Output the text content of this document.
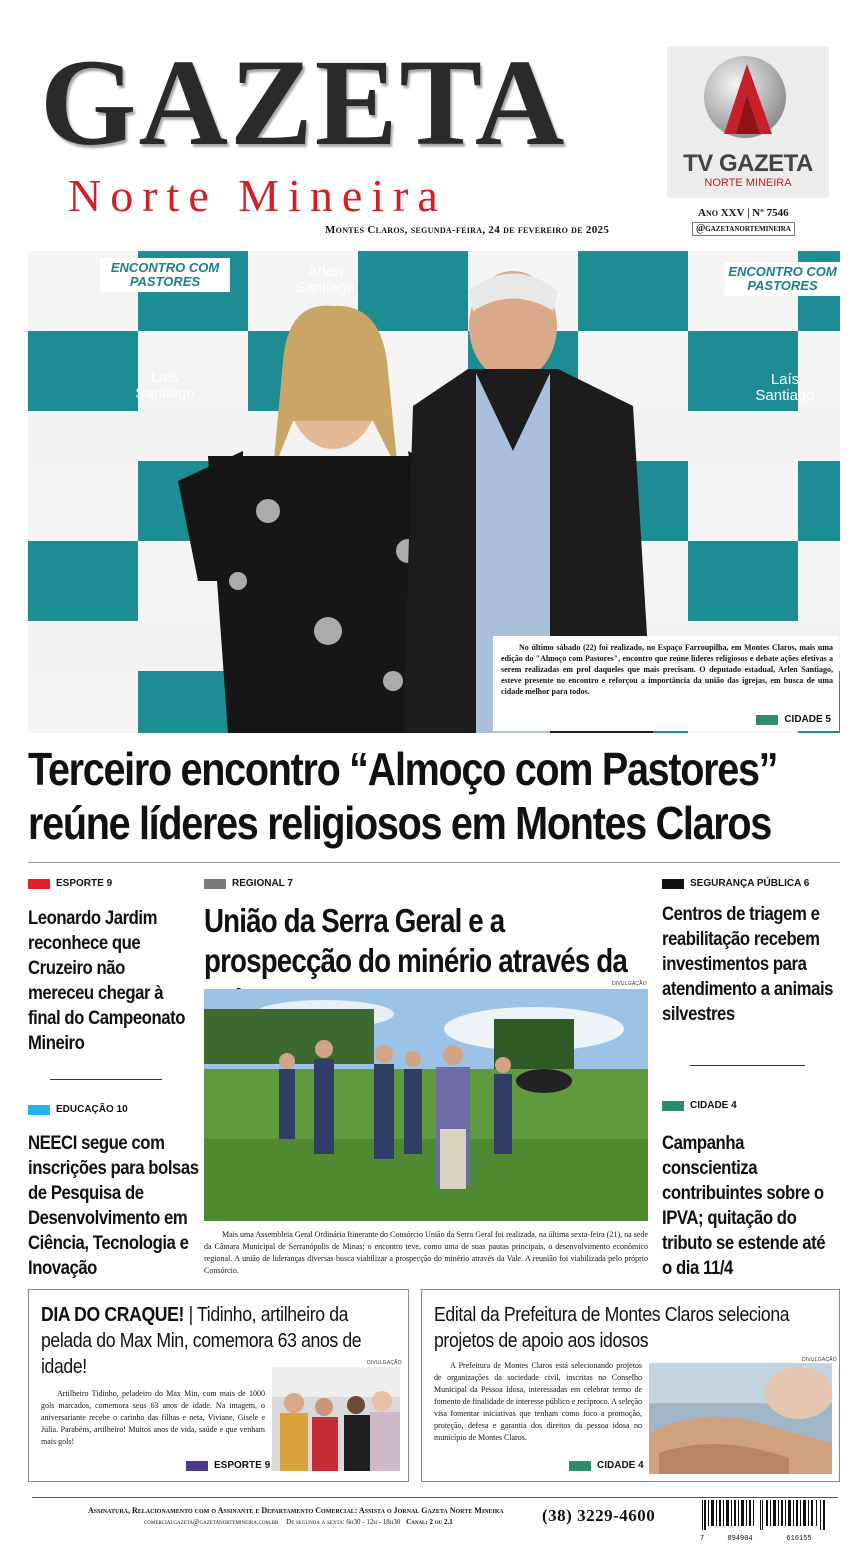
GAZETA
Norte Mineira
Montes Claros, segunda-feira, 24 de fevereiro de 2025
TV GAZETA
NORTE MINEIRA
Ano XXV | Nº 7546
@gazetanortemineira
ENCONTRO COM PASTORES
ENCONTRO COM PASTORES
Arlen Santiago
Laís Santiago
Laís Santiago

No último sábado (22) foi realizado, no Espaço Farroupilha, em Montes Claros, mais uma edição do "Almoço com Pastores", encontro que reúne líderes religiosos e debate ações efetivas a serem realizadas em prol daqueles que mais precisam. O deputado estadual, Arlen Santiago, esteve presente no encontro e reforçou a importância da união das igrejas, em busca de uma cidade melhor para todos.

CIDADE 5
Terceiro encontro “Almoço com Pastores”
reúne líderes religiosos em Montes Claros
ESPORTE 9
Leonardo Jardim reconhece que Cruzeiro não mereceu chegar à final do Campeonato Mineiro
EDUCAÇÃO 10
NEECI segue com inscrições para bolsas de Pesquisa de Desenvolvimento em Ciência, Tecnologia e Inovação
REGIONAL 7
União da Serra Geral e a prospecção do minério através da
DIVULGAÇÃO

Mais uma Assembleia Geral Ordinária Itinerante do Consórcio União da Serra Geral foi realizada, na última sexta-feira (21), na sede da Câmara Municipal de Serranópolis de Minas; o encontro teve, como uma de suas pautas principais, o desenvolvimento econômico regional. A união de lideranças diversas busca viabilizar a prospecção do minério através da Vale. A reunião foi viabilizada pelo próprio Consórcio.

SEGURANÇA PÚBLICA 6
Centros de triagem e reabilitação recebem investimentos para atendimento a animais silvestres
CIDADE 4
Campanha conscientiza contribuintes sobre o IPVA; quitação do tributo se estende até o dia 11/4
DIA DO CRAQUE! | Tidinho, artilheiro da pelada do Max Min, comemora 63 anos de idade!

Artilheiro Tidinho, peladeiro do Max Min, com mais de 1000 gols marcados, comemora seus 63 anos de idade. Na imagem, o aniversariante recebe o carinho das filhas e neta, Viviane, Gisele e Júlia. Parabéns, artilheiro! Muitos anos de vida, saúde e que venham mais gols!

DIVULGAÇÃO
ESPORTE 9
Edital da Prefeitura de Montes Claros seleciona projetos de apoio aos idosos

A Prefeitura de Montes Claros está selecionando projetos de organizações da sociedade civil, inscritas no Conselho Municipal da Pessoa Idosa, interessadas em celebrar termo de fomento de finalidade de interesse público e recíproco. A seleção visa fomentar iniciativas que tenham como foco a promoção, proteção, defesa e garantia dos direitos da pessoa idosa no município de Montes Claros.

DIVULGAÇÃO
CIDADE 4
Assinatura, Relacionamento com o Assinante e Departamento Comercial: Assista o Jornal Gazeta Norte Mineira
comercialgazeta@gazetanortemineira.com.br De segunda a sexta: 6h30 - 12h - 18h30 Canal: 2 ou 2.1	(38) 3229-4600
7	894904	616155
